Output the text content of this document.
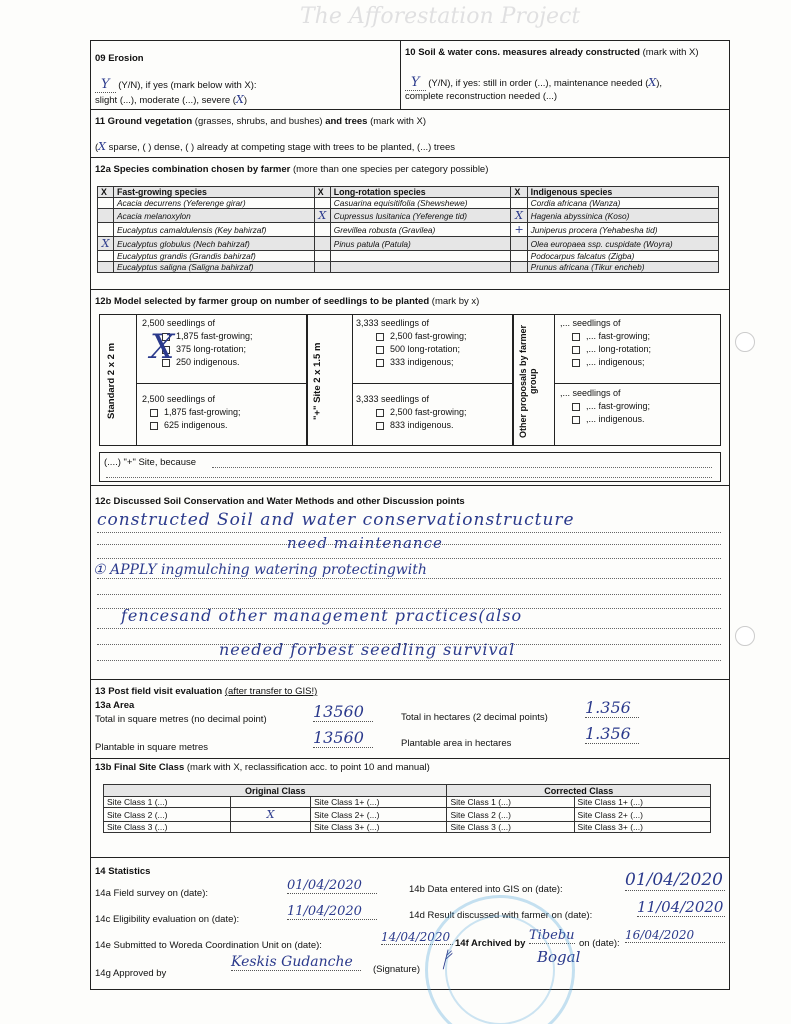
The Afforestation Project
09 Erosion
Y (Y/N), if yes (mark below with X):
slight (...), moderate (...), severe (X)
10 Soil & water cons. measures already constructed (mark with X)
Y (Y/N), if yes: still in order (...), maintenance needed (X),
complete reconstruction needed (...)
11 Ground vegetation (grasses, shrubs, and bushes) and trees (mark with X)
(X sparse, ( ) dense, ( ) already at competing stage with trees to be planted, (...) trees
12a Species combination chosen by farmer (more than one species per category possible)
X	Fast-growing species	X	Long-rotation species	X	Indigenous species
	Acacia decurrens (Yeferenge girar)		Casuarina equisitifolia (Shewshewe)		Cordia africana (Wanza)
	Acacia melanoxylon	X	Cupressus lusitanica (Yeferenge tid)	X	Hagenia abyssinica (Koso)
	Eucalyptus camaldulensis (Key bahirzaf)		Grevillea robusta (Gravilea)	+	Juniperus procera (Yehabesha tid)
X	Eucalyptus globulus (Nech bahirzaf)		Pinus patula (Patula)		Olea europaea ssp. cuspidate (Woyra)
	Eucalyptus grandis (Grandis bahirzaf)				Podocarpus falcatus (Zigba)
	Eucalyptus saligna (Saligna bahirzaf)				Prunus africana (Tikur encheb)
12b Model selected by farmer group on number of seedlings to be planted (mark by x)
Standard 2 x 2 m
2,500 seedlings of
1,875 fast-growing;
375 long-rotation;
250 indigenous.
X
2,500 seedlings of
1,875 fast-growing;
625 indigenous.
"+" Site 2 x 1.5 m
3,333 seedlings of
2,500 fast-growing;
500 long-rotation;
333 indigenous;
3,333 seedlings of
2,500 fast-growing;
833 indigenous.	Other proposals by farmer group
,... seedlings of
,... fast-growing;
,... long-rotation;
,... indigenous;
,... seedlings of
,... fast-growing;
,... indigenous.
(....) "+" Site, because
12c Discussed Soil Conservation and Water Methods and other Discussion points
constructed Soil and water conservationstructure
need maintenance
① APPLY ingmulching watering protectingwith
fencesand other management practices(also
needed forbest seedling survival
13 Post field visit evaluation (after transfer to GIS!)
13a Area
Total in square metres (no decimal point)	13560	Total in hectares (2 decimal points)
1.356
Plantable in square metres
13560	Plantable area in hectares
1.356
13b Final Site Class (mark with X, reclassification acc. to point 10 and manual)
Original Class			Corrected Class	
Site Class 1 (...)		Site Class 1+ (...)	Site Class 1 (...)	Site Class 1+ (...)
Site Class 2 (...)	X	Site Class 2+ (...)	Site Class 2 (...)	Site Class 2+ (...)
Site Class 3 (...)		Site Class 3+ (...)	Site Class 3 (...)	Site Class 3+ (...)
14 Statistics
14a Field survey on (date):
01/04/2020	14b Data entered into GIS on (date):	01/04/2020
14c Eligibility evaluation on (date):
11/04/2020	14d Result discussed with farmer on (date):	11/04/2020
14e Submitted to Woreda Coordination Unit on (date):
14/04/2020 14f Archived by
Tibebu
on (date):
16/04/2020
14g Approved by
Keskis Gudanche	(Signature) ᚠ	Bogal
